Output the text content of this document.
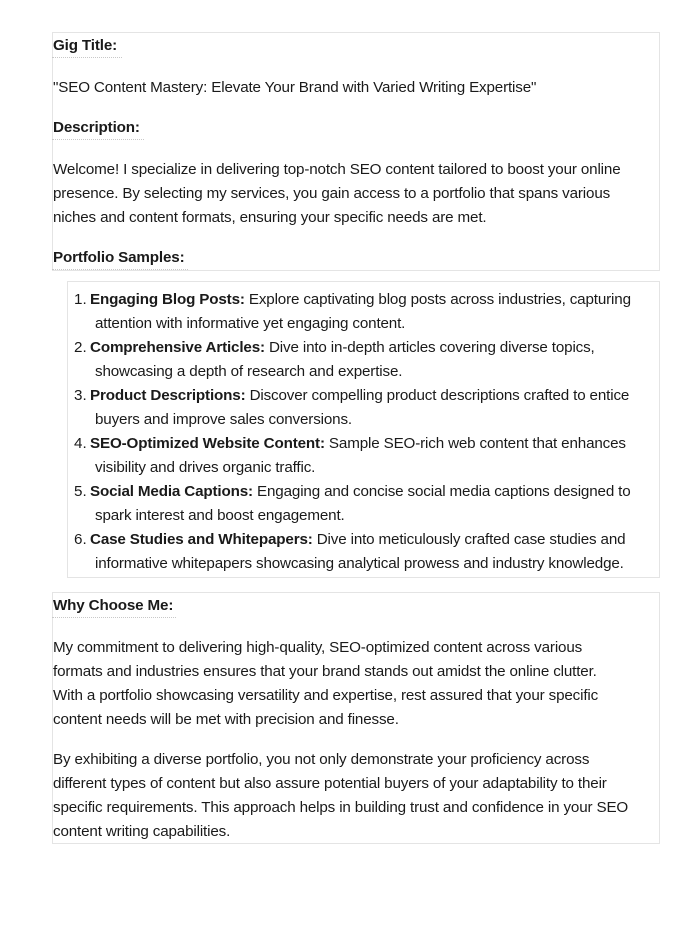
Gig Title:
"SEO Content Mastery: Elevate Your Brand with Varied Writing Expertise"
Description:
Welcome! I specialize in delivering top-notch SEO content tailored to boost your online
presence. By selecting my services, you gain access to a portfolio that spans various
niches and content formats, ensuring your specific needs are met.
Portfolio Samples:
1. Engaging Blog Posts: Explore captivating blog posts across industries, capturing
attention with informative yet engaging content.
2. Comprehensive Articles: Dive into in-depth articles covering diverse topics,
showcasing a depth of research and expertise.
3. Product Descriptions: Discover compelling product descriptions crafted to entice
buyers and improve sales conversions.
4. SEO-Optimized Website Content: Sample SEO-rich web content that enhances
visibility and drives organic traffic.
5. Social Media Captions: Engaging and concise social media captions designed to
spark interest and boost engagement.
6. Case Studies and Whitepapers: Dive into meticulously crafted case studies and
informative whitepapers showcasing analytical prowess and industry knowledge.
Why Choose Me:
My commitment to delivering high-quality, SEO-optimized content across various
formats and industries ensures that your brand stands out amidst the online clutter.
With a portfolio showcasing versatility and expertise, rest assured that your specific
content needs will be met with precision and finesse.
By exhibiting a diverse portfolio, you not only demonstrate your proficiency across
different types of content but also assure potential buyers of your adaptability to their
specific requirements. This approach helps in building trust and confidence in your SEO
content writing capabilities.
